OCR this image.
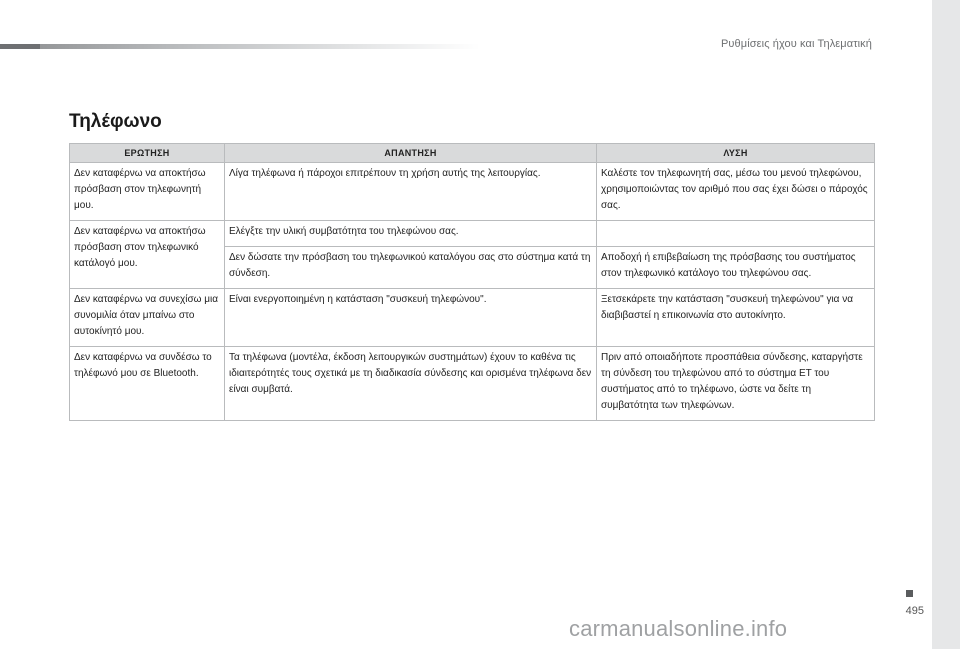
Ρυθμίσεις ήχου και Τηλεματική
Τηλέφωνο
ΕΡΩΤΗΣΗ	ΑΠΑΝΤΗΣΗ	ΛΥΣΗ
Δεν καταφέρνω να αποκτήσω πρόσβαση στον τηλεφωνητή μου.	Λίγα τηλέφωνα ή πάροχοι επιτρέπουν τη χρήση αυτής της λειτουργίας.	Καλέστε τον τηλεφωνητή σας, μέσω του μενού τηλεφώνου, χρησιμοποιώντας τον αριθμό που σας έχει δώσει ο πάροχός σας.
Δεν καταφέρνω να αποκτήσω πρόσβαση στον τηλεφωνικό κατάλογό μου.	Ελέγξτε την υλική συμβατότητα του τηλεφώνου σας.	
	Δεν δώσατε την πρόσβαση του τηλεφωνικού καταλόγου σας στο σύστημα κατά τη σύνδεση.	Αποδοχή ή επιβεβαίωση της πρόσβασης του συστήματος στον τηλεφωνικό κατάλογο του τηλεφώνου σας.
Δεν καταφέρνω να συνεχίσω μια συνομιλία όταν μπαίνω στο αυτοκίνητό μου.	Είναι ενεργοποιημένη η κατάσταση "συσκευή τηλεφώνου".	Ξετσεκάρετε την κατάσταση "συσκευή τηλεφώνου" για να διαβιβαστεί η επικοινωνία στο αυτοκίνητο.
Δεν καταφέρνω να συνδέσω το τηλέφωνό μου σε Bluetooth.	Τα τηλέφωνα (μοντέλα, έκδοση λειτουργικών συστημάτων) έχουν το καθένα τις ιδιαιτερότητές τους σχετικά με τη διαδικασία σύνδεσης και ορισμένα τηλέφωνα δεν είναι συμβατά.	Πριν από οποιαδήποτε προσπάθεια σύνδεσης, καταργήστε τη σύνδεση του τηλεφώνου από το σύστημα ΕΤ του συστήματος από το τηλέφωνο, ώστε να δείτε τη συμβατότητα των τηλεφώνων.
495
carmanualsonline.info
